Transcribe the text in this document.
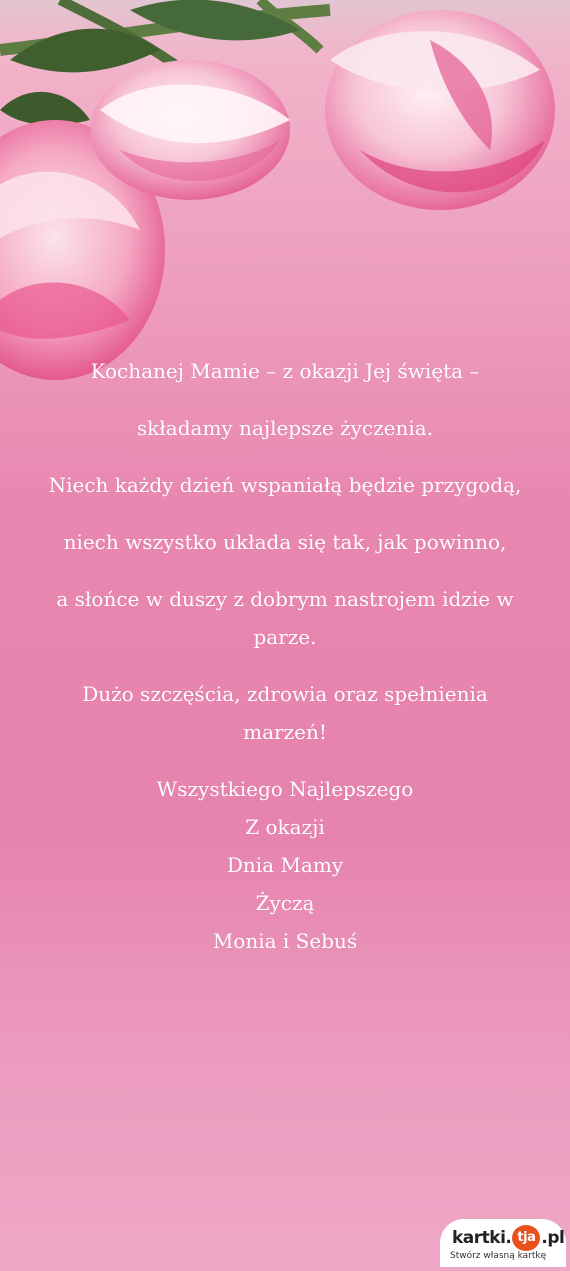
Kochanej Mamie – z okazji Jej święta –

składamy najlepsze życzenia.

Niech każdy dzień wspaniałą będzie przygodą,

niech wszystko układa się tak, jak powinno,

a słońce w duszy z dobrym nastrojem idzie w parze.

Dużo szczęścia, zdrowia oraz spełnienia marzeń!

Wszystkiego Najlepszego
Z okazji
Dnia Mamy
Życzą
Monia i Sebuś
kartki. tja .pl
Stwórz własną kartkę
